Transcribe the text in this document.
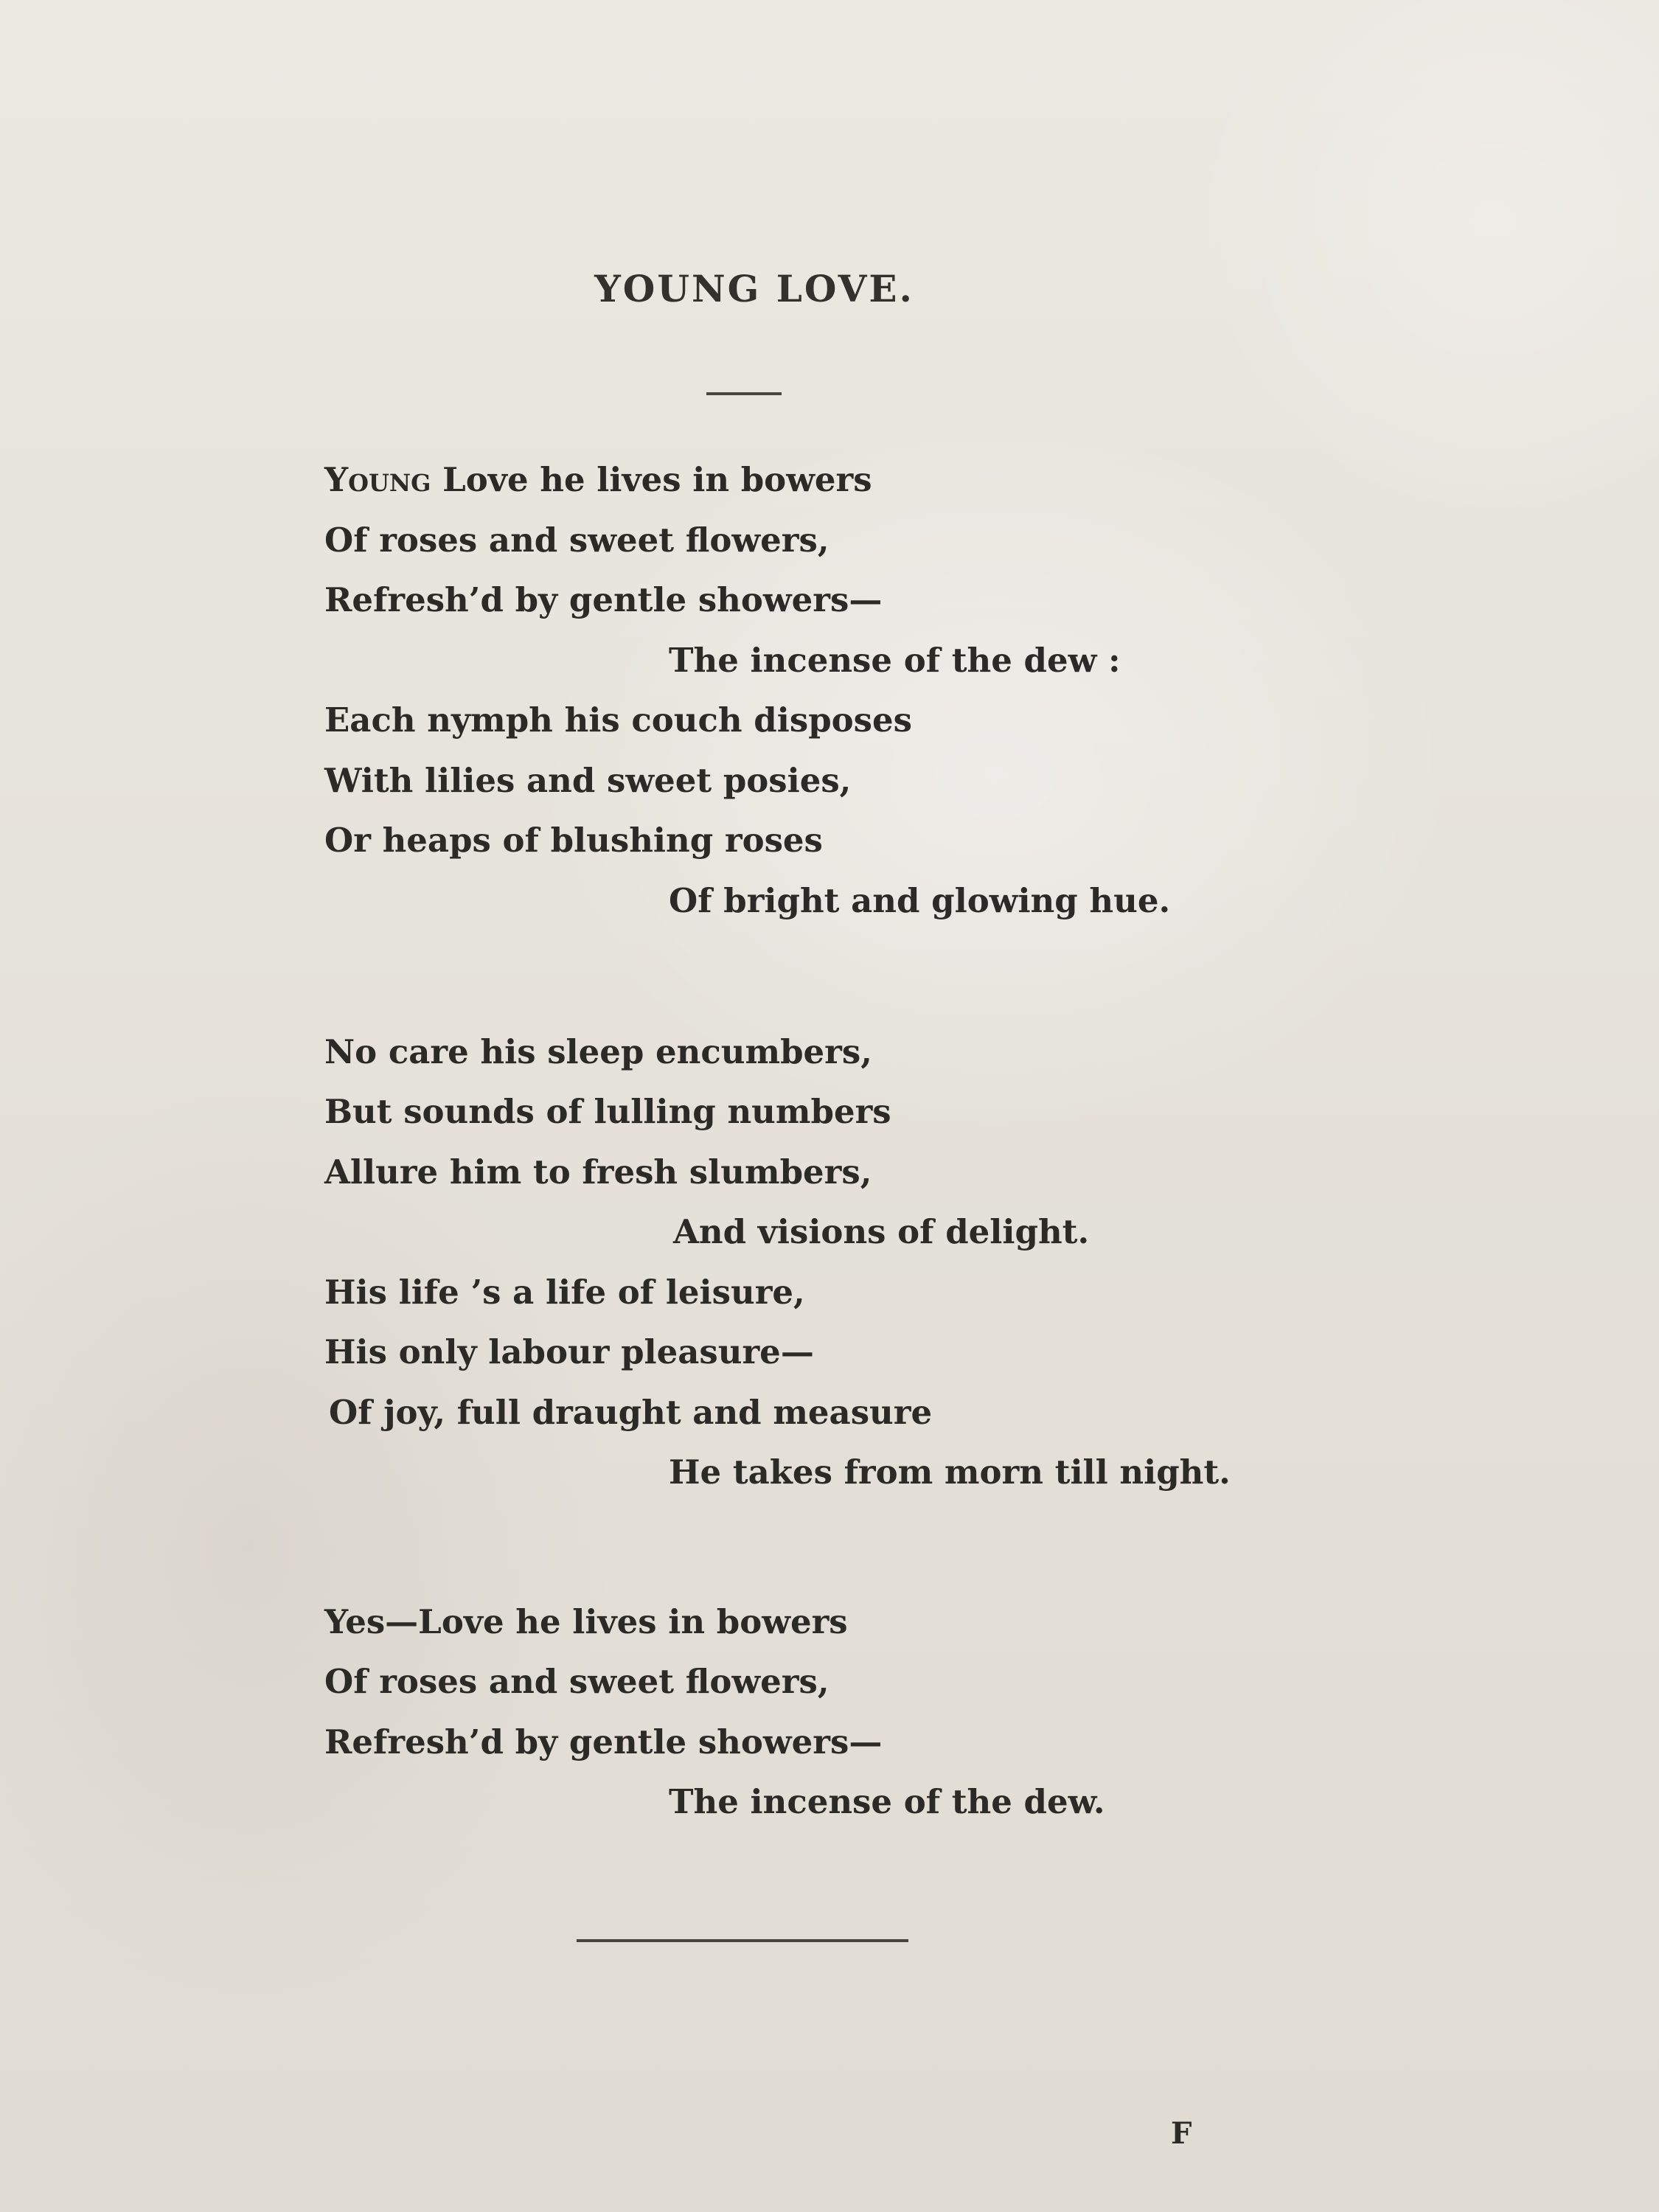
YOUNG LOVE.
Young Love he lives in bowers
Of roses and sweet flowers,
Refresh’d by gentle showers—
The incense of the dew :
Each nymph his couch disposes
With lilies and sweet posies,
Or heaps of blushing roses
Of bright and glowing hue.
No care his sleep encumbers,
But sounds of lulling numbers
Allure him to fresh slumbers,
And visions of delight.
His life ’s a life of leisure,
His only labour pleasure—
Of joy, full draught and measure
He takes from morn till night.
Yes—Love he lives in bowers
Of roses and sweet flowers,
Refresh’d by gentle showers—
The incense of the dew.
F
